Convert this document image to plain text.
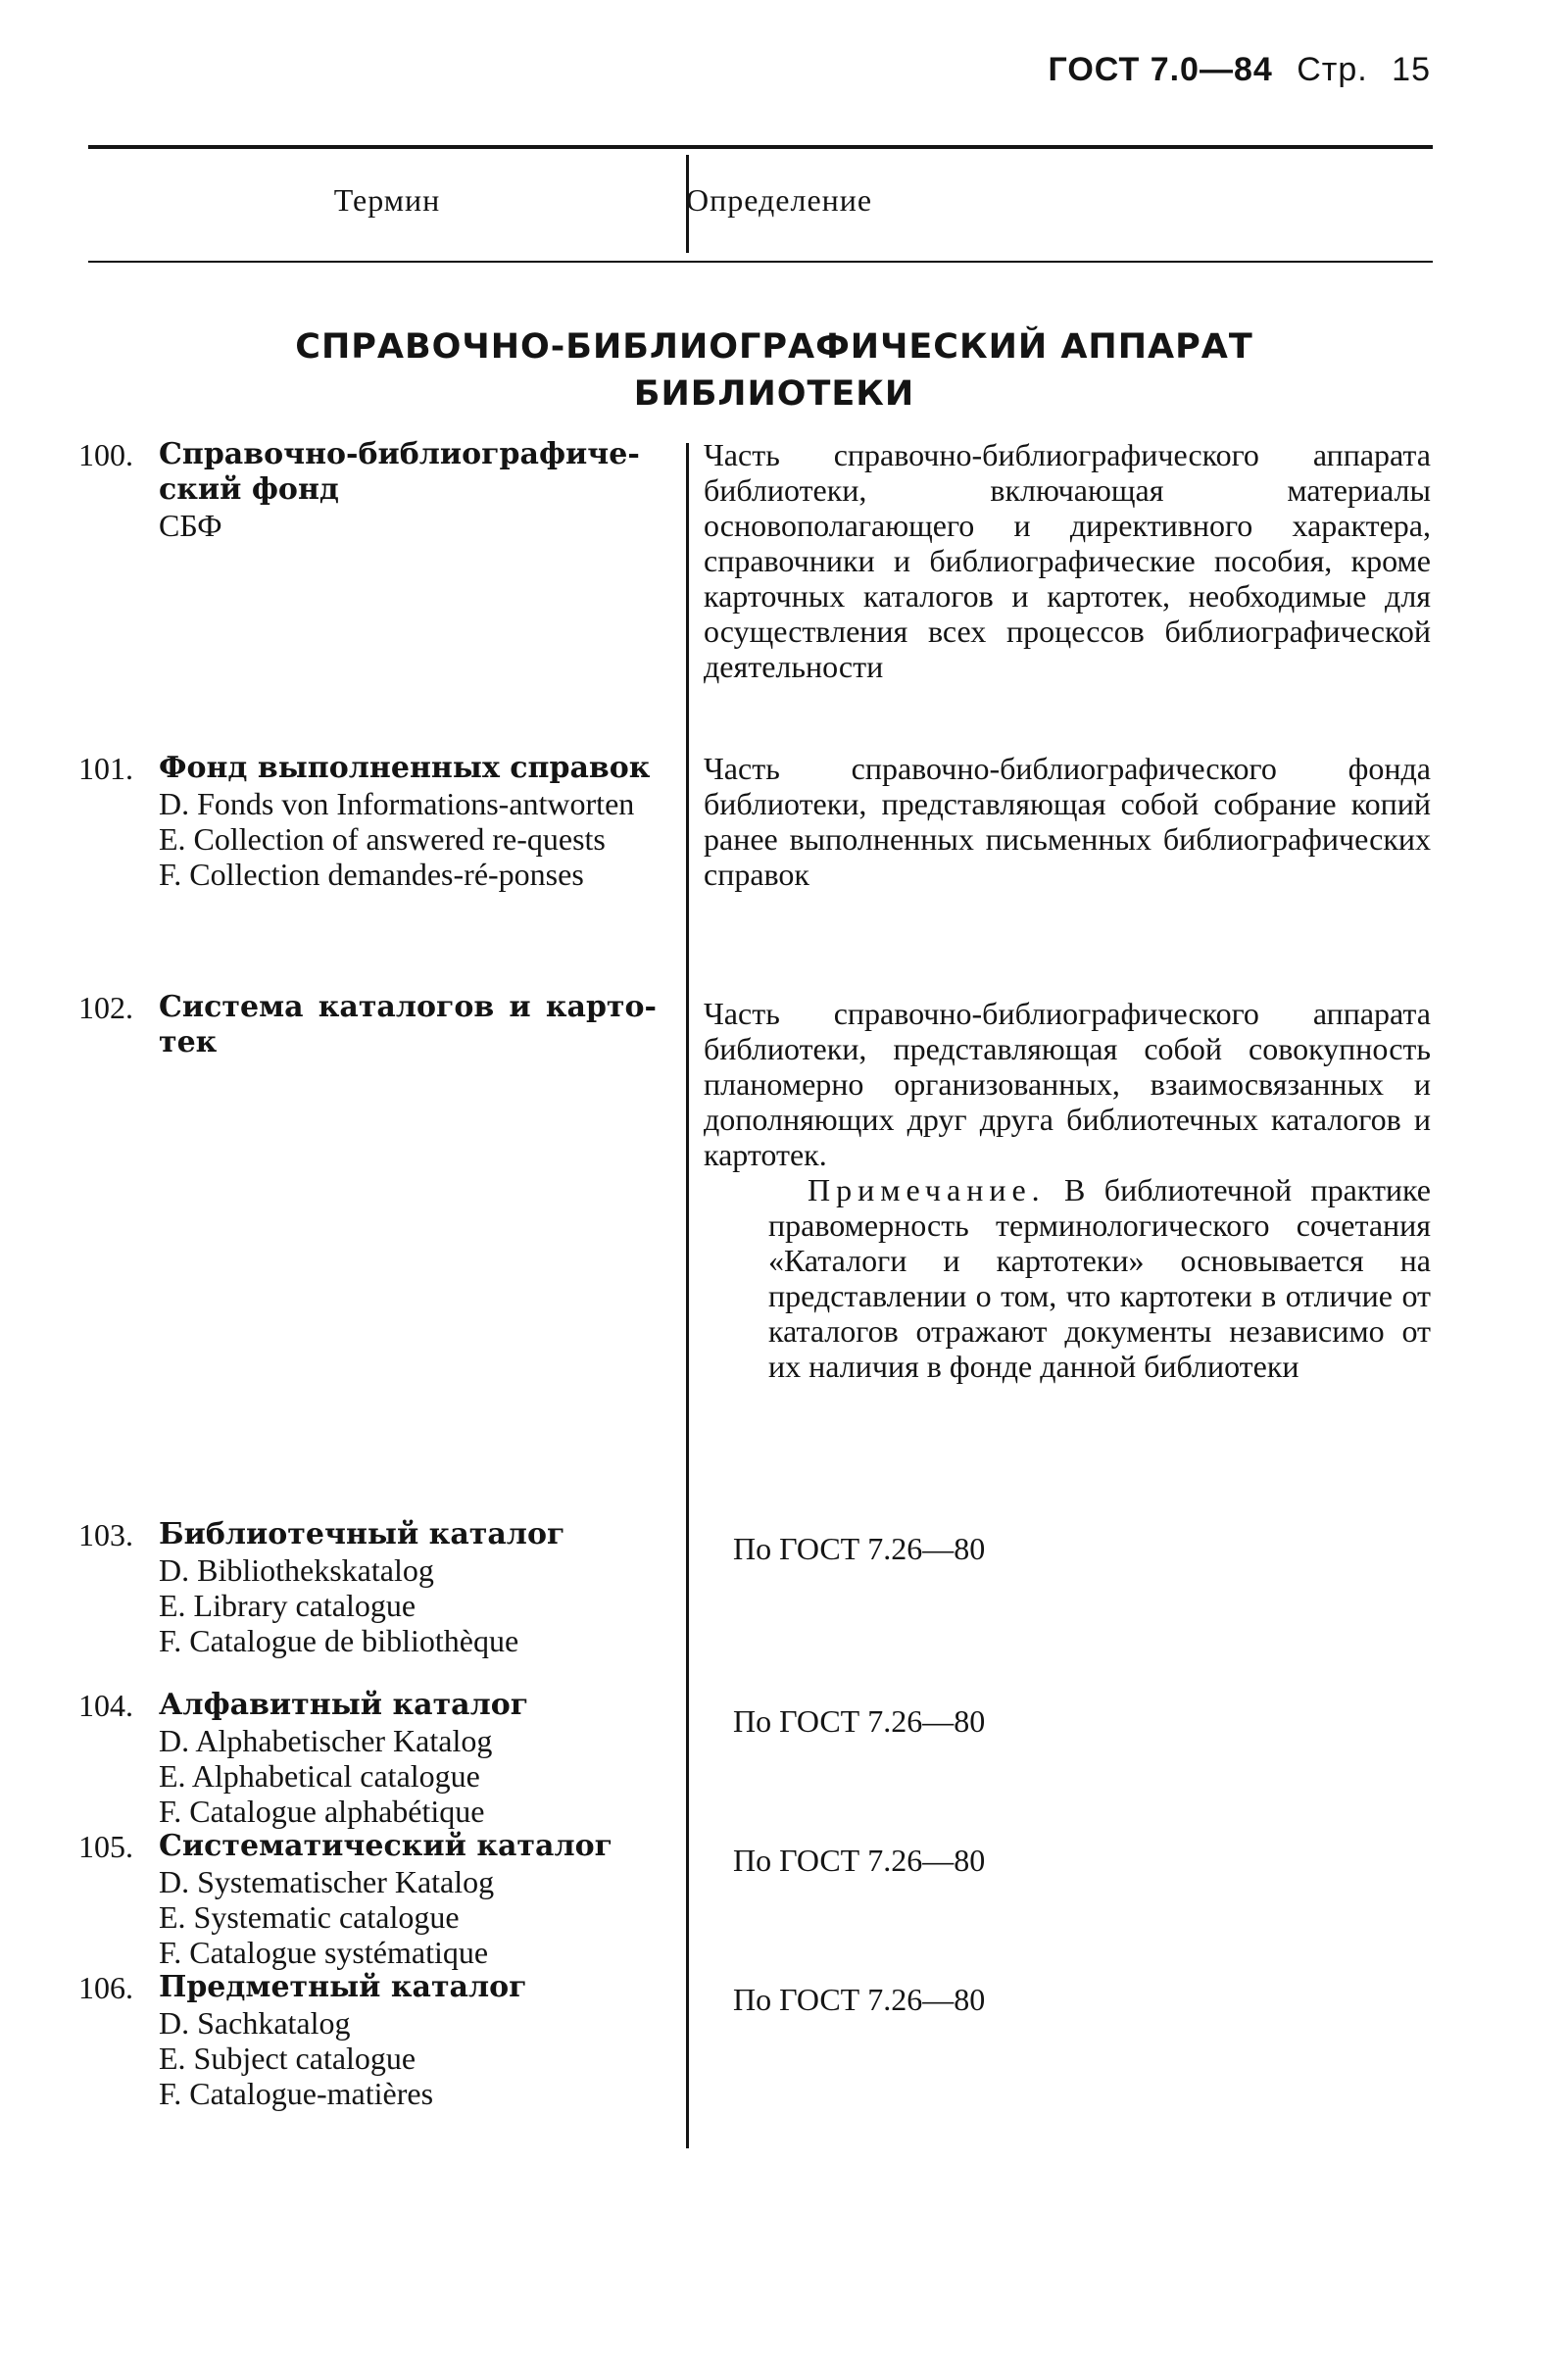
ГОСТ 7.0—84 Стр. 15
Термин	Определение
СПРАВОЧНО-БИБЛИОГРАФИЧЕСКИЙ АППАРАТ
БИБЛИОТЕКИ
100. Справочно-библиографиче-ский фонд
СБФ
Часть справочно-библиографического аппарата библиотеки, включающая материалы основополагающего и директивного характера, справочники и библиографические пособия, кроме карточных каталогов и картотек, необходимые для осуществления всех процессов библиографической деятельности
101. Фонд выполненных справок
D. Fonds von Informations-antworten
E. Collection of answered re-quests
F. Collection demandes-ré-ponses
Часть справочно-библиографического фонда библиотеки, представляющая собой собрание копий ранее выполненных письменных библиографических справок
102. Система каталогов и карто-тек
Часть справочно-библиографического аппарата библиотеки, представляющая собой совокупность планомерно организованных, взаимосвязанных и дополняющих друг друга библиотечных каталогов и картотек.
Примечание. В библиотечной практике правомерность терминологического сочетания «Каталоги и картотеки» основывается на представлении о том, что картотеки в отличие от каталогов отражают документы независимо от их наличия в фонде данной библиотеки
103. Библиотечный каталог
D. Bibliothekskatalog
E. Library catalogue
F. Catalogue de bibliothèque
По ГОСТ 7.26—80
104. Алфавитный каталог
D. Alphabetischer Katalog
E. Alphabetical catalogue
F. Catalogue alphabétique
По ГОСТ 7.26—80
105. Систематический каталог
D. Systematischer Katalog
E. Systematic catalogue
F. Catalogue systématique
По ГОСТ 7.26—80
106. Предметный каталог
D. Sachkatalog
E. Subject catalogue
F. Catalogue-matières
По ГОСТ 7.26—80
